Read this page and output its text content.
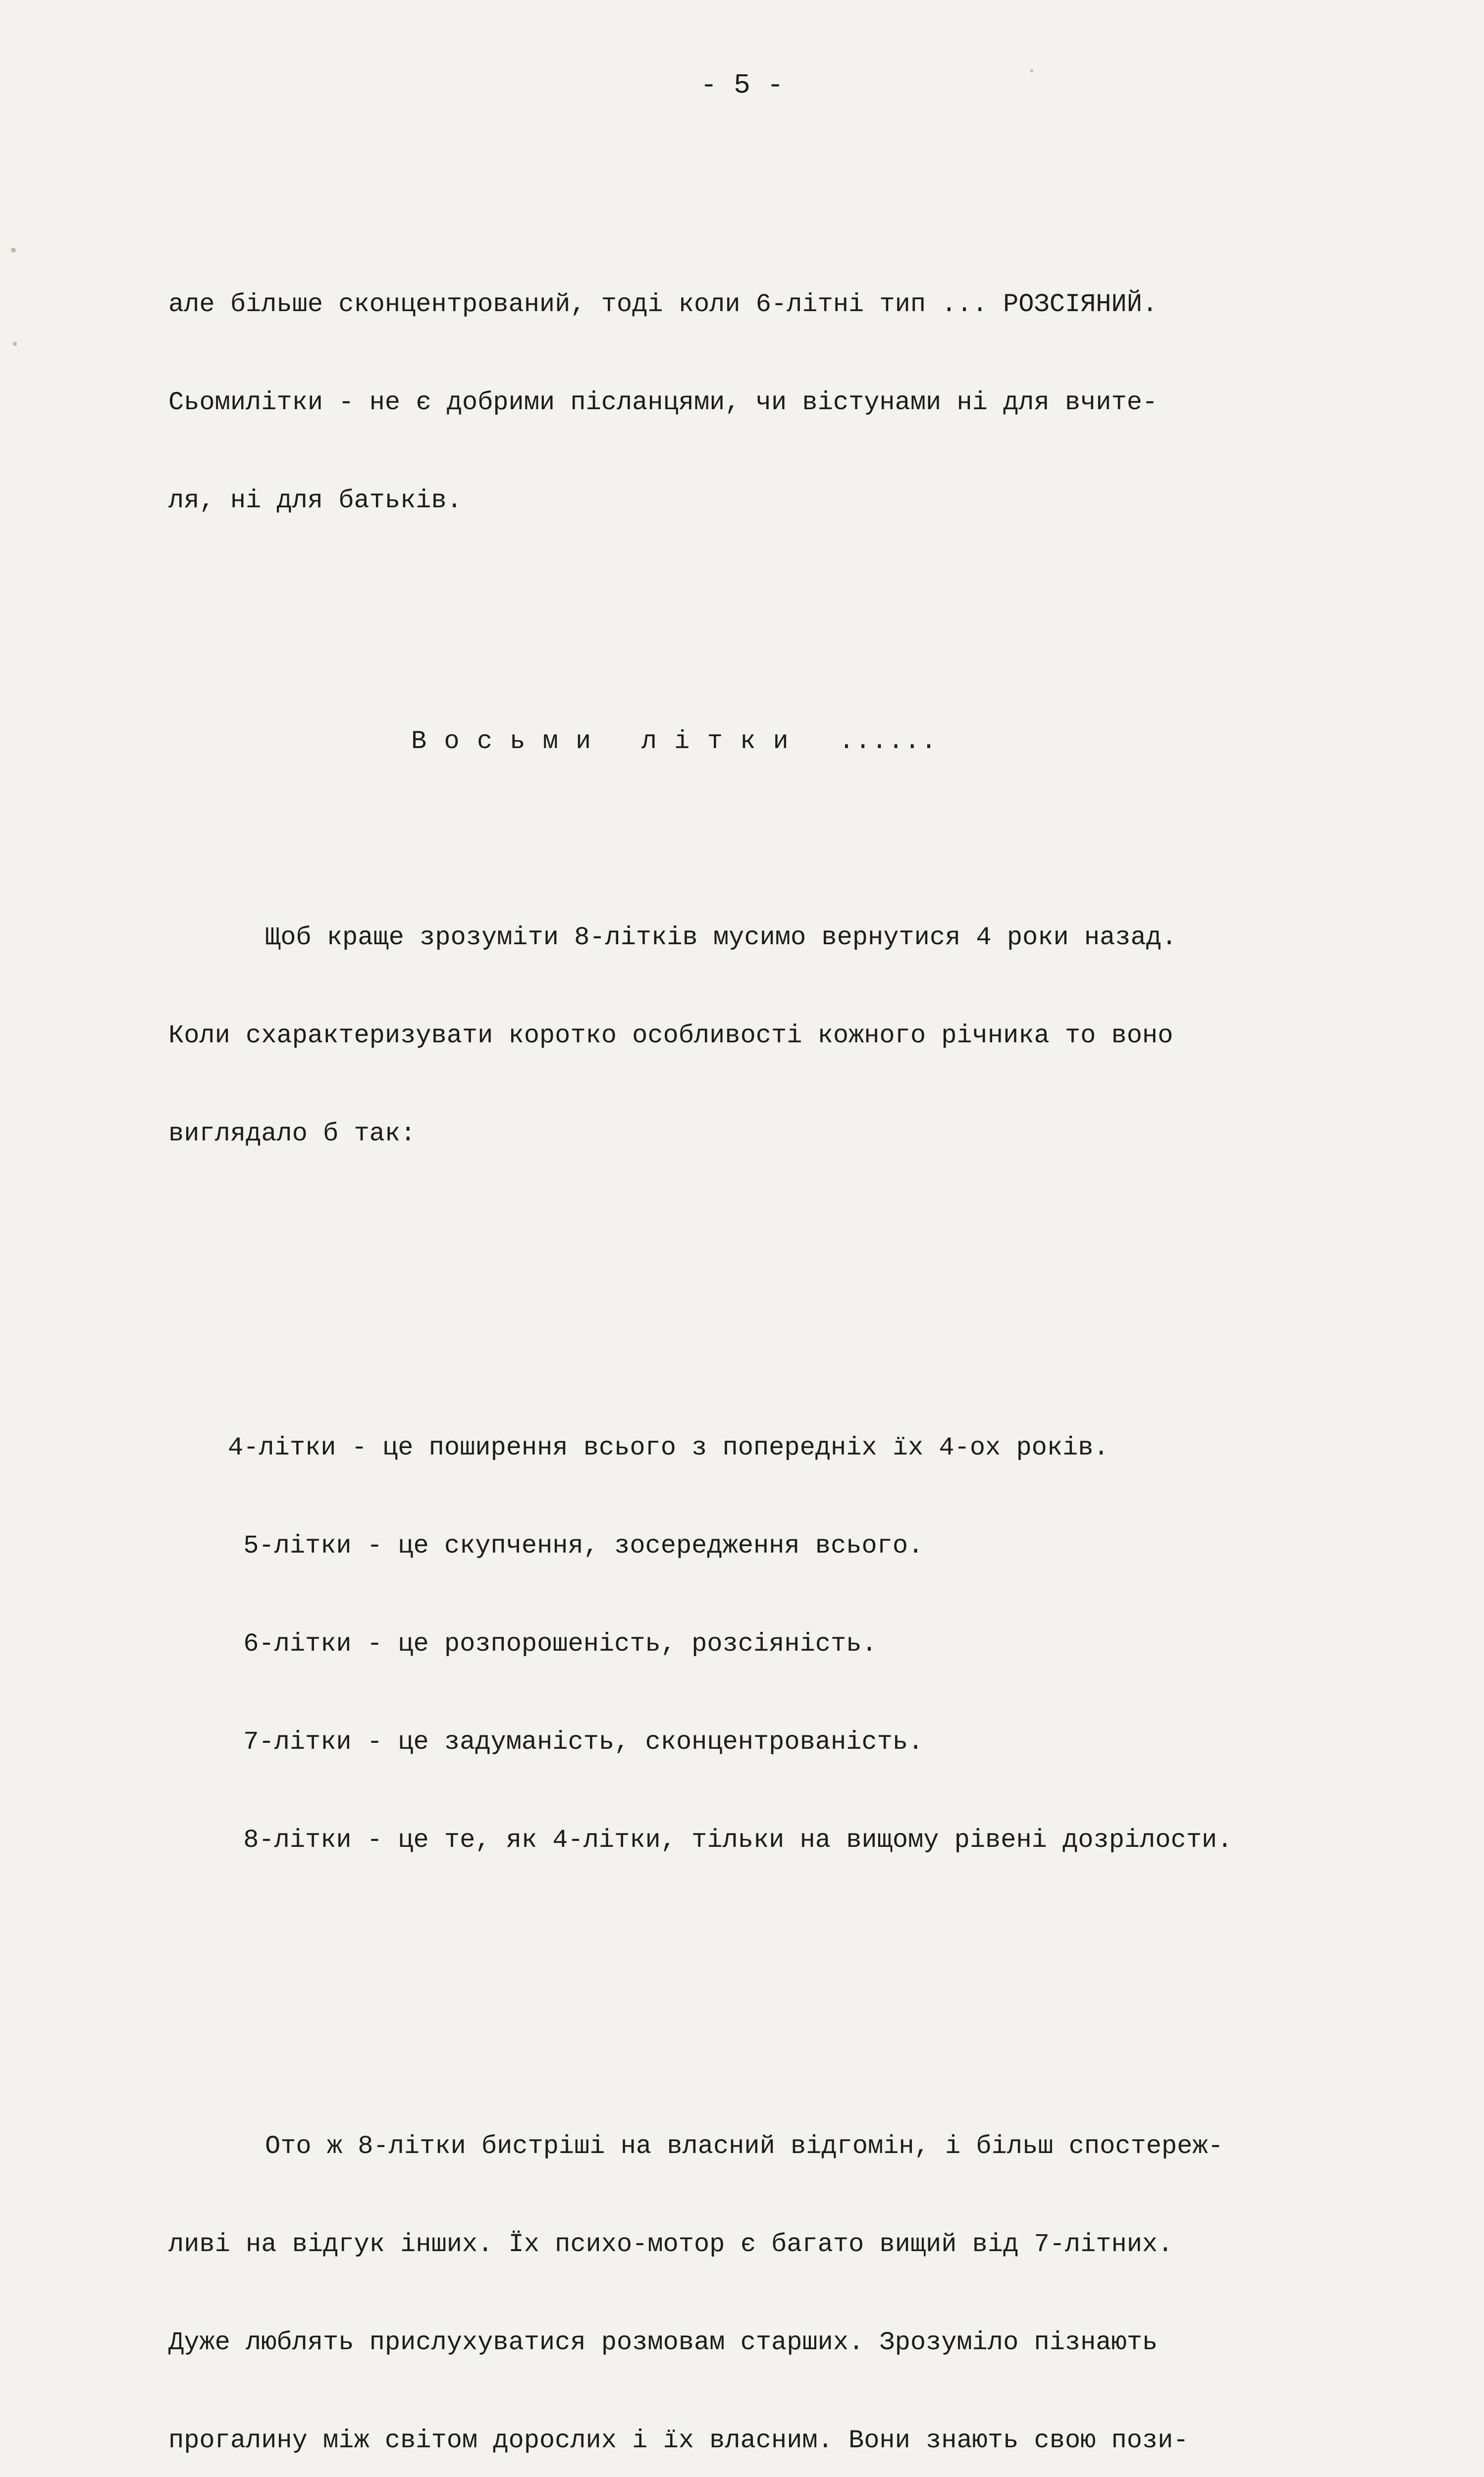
- 5 -

але більше сконцентрований, тоді коли 6-літні тип ... РОЗСІЯНИЙ.

Сьомилітки - не є добрими післанцями, чи вістунами ні для вчите-

ля, ні для батьків.

В о с ь м и   л і т к и   ......

Щоб краще зрозуміти 8-літків мусимо вернутися 4 роки назад.

Коли схарактеризувати коротко особливості кожного річника то воно

виглядало б так:

4-літки - це поширення всього з попередніх їх 4-ох років.

5-літки - це скупчення, зосередження всього.

6-літки - це розпорошеність, розсіяність.

7-літки - це задуманість, сконцентрованість.

8-літки - це те, як 4-літки, тільки на вищому рівені дозрілости.

Ото ж 8-літки бистріші на власний відгомін, і більш спостереж-

ливі на відгук інших. Їх психо-мотор є багато вищий від 7-літних.

Дуже люблять прислухуватися розмовам старших. Зрозуміло пізнають

прогалину між світом дорослих і їх власним. Вони знають свою пози-
